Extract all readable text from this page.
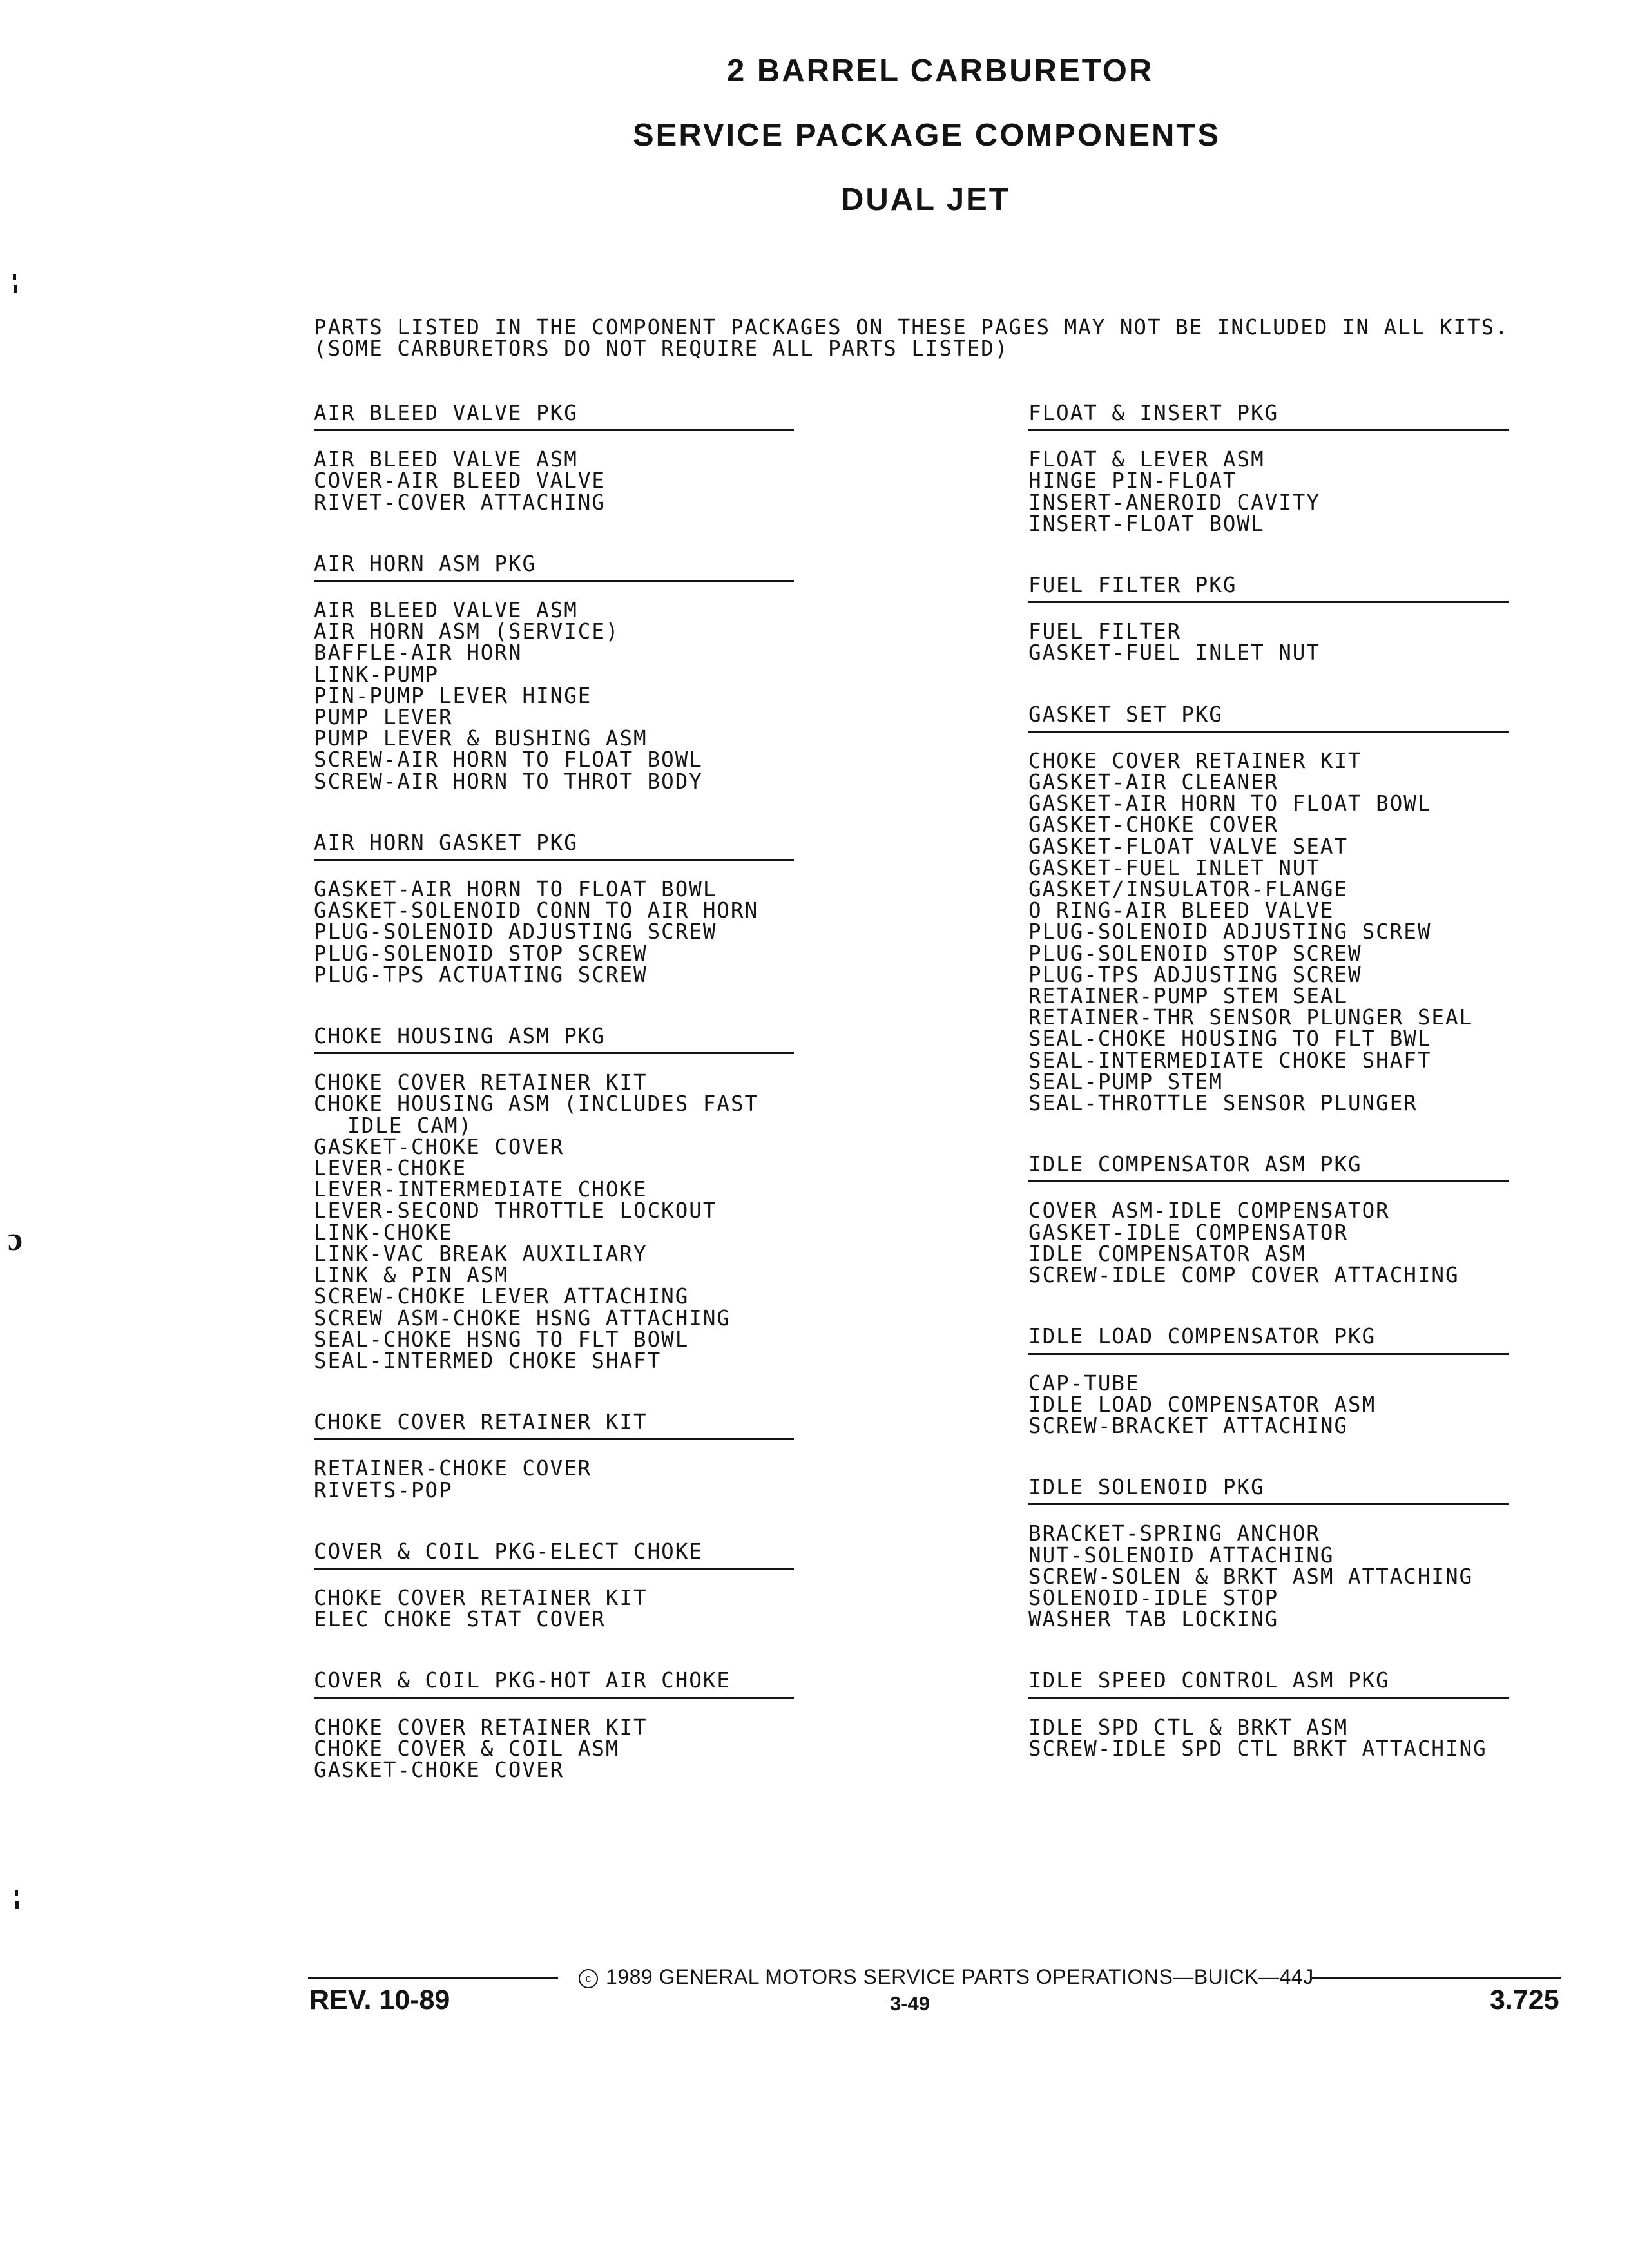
2 BARREL CARBURETOR
SERVICE PACKAGE COMPONENTS
DUAL JET
PARTS LISTED IN THE COMPONENT PACKAGES ON THESE PAGES MAY NOT BE INCLUDED IN ALL KITS. (SOME CARBURETORS DO NOT REQUIRE ALL PARTS LISTED)
AIR BLEED VALVE PKG
AIR BLEED VALVE ASM
COVER-AIR BLEED VALVE
RIVET-COVER ATTACHING
AIR HORN ASM PKG
AIR BLEED VALVE ASM
AIR HORN ASM (SERVICE)
BAFFLE-AIR HORN
LINK-PUMP
PIN-PUMP LEVER HINGE
PUMP LEVER
PUMP LEVER & BUSHING ASM
SCREW-AIR HORN TO FLOAT BOWL
SCREW-AIR HORN TO THROT BODY
AIR HORN GASKET PKG
GASKET-AIR HORN TO FLOAT BOWL
GASKET-SOLENOID CONN TO AIR HORN
PLUG-SOLENOID ADJUSTING SCREW
PLUG-SOLENOID STOP SCREW
PLUG-TPS ACTUATING SCREW
CHOKE HOUSING ASM PKG
CHOKE COVER RETAINER KIT
CHOKE HOUSING ASM (INCLUDES FAST
IDLE CAM)
GASKET-CHOKE COVER
LEVER-CHOKE
LEVER-INTERMEDIATE CHOKE
LEVER-SECOND THROTTLE LOCKOUT
LINK-CHOKE
LINK-VAC BREAK AUXILIARY
LINK & PIN ASM
SCREW-CHOKE LEVER ATTACHING
SCREW ASM-CHOKE HSNG ATTACHING
SEAL-CHOKE HSNG TO FLT BOWL
SEAL-INTERMED CHOKE SHAFT
CHOKE COVER RETAINER KIT
RETAINER-CHOKE COVER
RIVETS-POP
COVER & COIL PKG-ELECT CHOKE
CHOKE COVER RETAINER KIT
ELEC CHOKE STAT COVER
COVER & COIL PKG-HOT AIR CHOKE
CHOKE COVER RETAINER KIT
CHOKE COVER & COIL ASM
GASKET-CHOKE COVER
FLOAT & INSERT PKG
FLOAT & LEVER ASM
HINGE PIN-FLOAT
INSERT-ANEROID CAVITY
INSERT-FLOAT BOWL
FUEL FILTER PKG
FUEL FILTER
GASKET-FUEL INLET NUT
GASKET SET PKG
CHOKE COVER RETAINER KIT
GASKET-AIR CLEANER
GASKET-AIR HORN TO FLOAT BOWL
GASKET-CHOKE COVER
GASKET-FLOAT VALVE SEAT
GASKET-FUEL INLET NUT
GASKET/INSULATOR-FLANGE
O RING-AIR BLEED VALVE
PLUG-SOLENOID ADJUSTING SCREW
PLUG-SOLENOID STOP SCREW
PLUG-TPS ADJUSTING SCREW
RETAINER-PUMP STEM SEAL
RETAINER-THR SENSOR PLUNGER SEAL
SEAL-CHOKE HOUSING TO FLT BWL
SEAL-INTERMEDIATE CHOKE SHAFT
SEAL-PUMP STEM
SEAL-THROTTLE SENSOR PLUNGER
IDLE COMPENSATOR ASM PKG
COVER ASM-IDLE COMPENSATOR
GASKET-IDLE COMPENSATOR
IDLE COMPENSATOR ASM
SCREW-IDLE COMP COVER ATTACHING
IDLE LOAD COMPENSATOR PKG
CAP-TUBE
IDLE LOAD COMPENSATOR ASM
SCREW-BRACKET ATTACHING
IDLE SOLENOID PKG
BRACKET-SPRING ANCHOR
NUT-SOLENOID ATTACHING
SCREW-SOLEN & BRKT ASM ATTACHING
SOLENOID-IDLE STOP
WASHER TAB LOCKING
IDLE SPEED CONTROL ASM PKG
IDLE SPD CTL & BRKT ASM
SCREW-IDLE SPD CTL BRKT ATTACHING
ɔ
c 1989 GENERAL MOTORS SERVICE PARTS OPERATIONS—BUICK—44J
REV. 10-89	3-49	3.725
